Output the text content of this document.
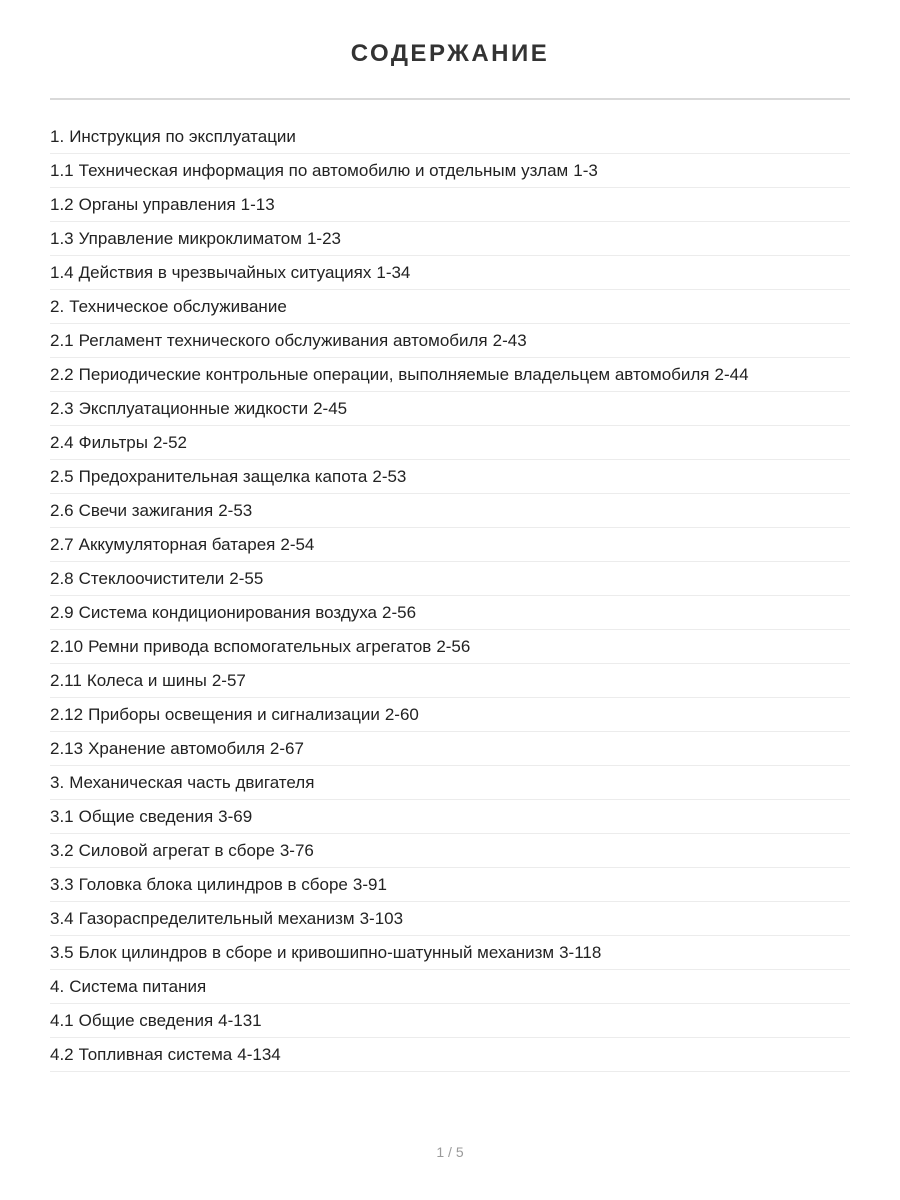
СОДЕРЖАНИЕ
1. Инструкция по эксплуатации
1.1 Техническая информация по автомобилю и отдельным узлам 1-3
1.2 Органы управления 1-13
1.3 Управление микроклиматом 1-23
1.4 Действия в чрезвычайных ситуациях 1-34
2. Техническое обслуживание
2.1 Регламент технического обслуживания автомобиля 2-43
2.2 Периодические контрольные операции, выполняемые владельцем автомобиля 2-44
2.3 Эксплуатационные жидкости 2-45
2.4 Фильтры 2-52
2.5 Предохранительная защелка капота 2-53
2.6 Свечи зажигания 2-53
2.7 Аккумуляторная батарея 2-54
2.8 Стеклоочистители 2-55
2.9 Система кондиционирования воздуха 2-56
2.10 Ремни привода вспомогательных агрегатов 2-56
2.11 Колеса и шины 2-57
2.12 Приборы освещения и сигнализации 2-60
2.13 Хранение автомобиля 2-67
3. Механическая часть двигателя
3.1 Общие сведения 3-69
3.2 Силовой агрегат в сборе 3-76
3.3 Головка блока цилиндров в сборе 3-91
3.4 Газораспределительный механизм 3-103
3.5 Блок цилиндров в сборе и кривошипно-шатунный механизм 3-118
4. Система питания
4.1 Общие сведения 4-131
4.2 Топливная система 4-134
1 / 5
